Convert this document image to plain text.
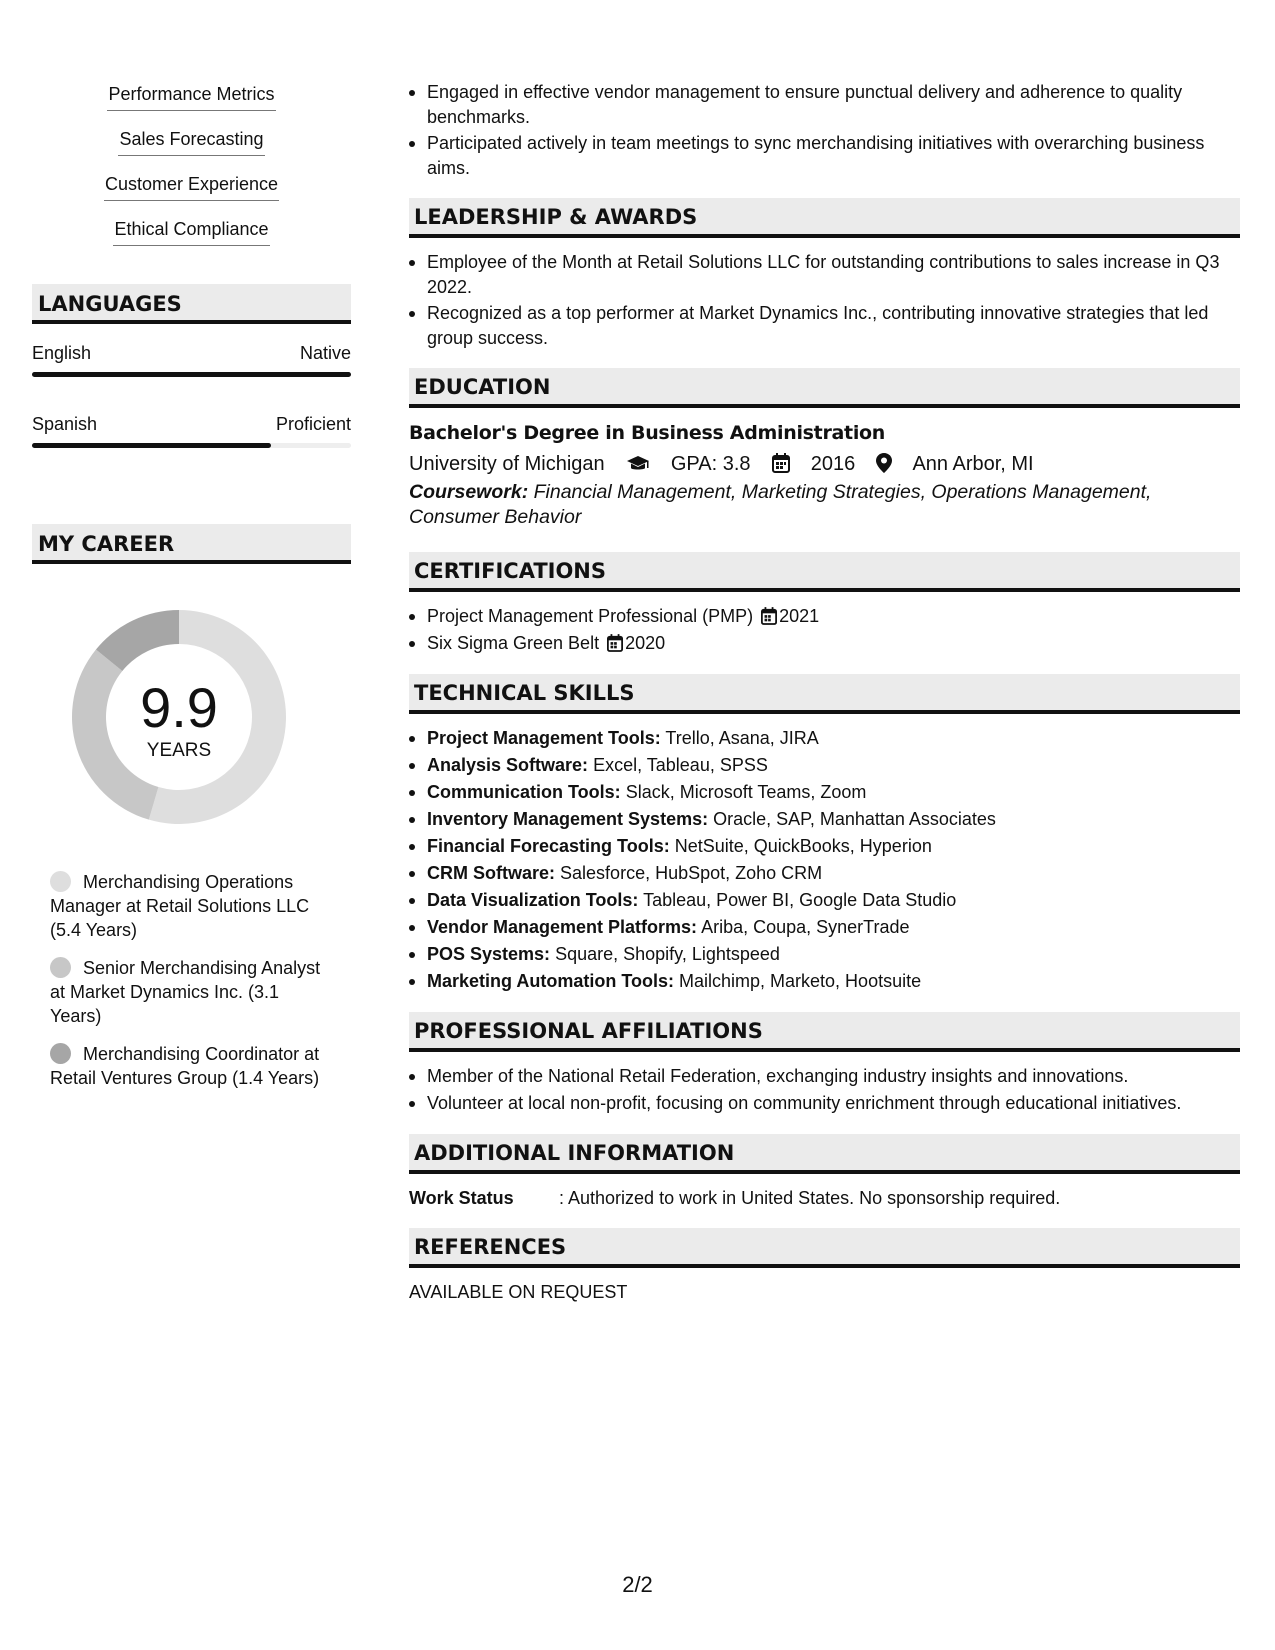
Performance Metrics
Sales Forecasting
Customer Experience
Ethical Compliance
LANGUAGES
English	Native
Spanish	Proficient
MY CAREER
9.9
YEARS
Merchandising Operations Manager at Retail Solutions LLC (5.4 Years)
Senior Merchandising Analyst at Market Dynamics Inc. (3.1 Years)
Merchandising Coordinator at Retail Ventures Group (1.4 Years)
Engaged in effective vendor management to ensure punctual delivery and adherence to quality benchmarks.
Participated actively in team meetings to sync merchandising initiatives with overarching business aims.
LEADERSHIP & AWARDS
Employee of the Month at Retail Solutions LLC for outstanding contributions to sales increase in Q3 2022.
Recognized as a top performer at Market Dynamics Inc., contributing innovative strategies that led group success.
EDUCATION
Bachelor's Degree in Business Administration
University of Michigan	GPA: 3.8	2016	Ann Arbor, MI
Coursework: Financial Management, Marketing Strategies, Operations Management, Consumer Behavior
CERTIFICATIONS
Project Management Professional (PMP) 2021
Six Sigma Green Belt 2020
TECHNICAL SKILLS
Project Management Tools: Trello, Asana, JIRA
Analysis Software: Excel, Tableau, SPSS
Communication Tools: Slack, Microsoft Teams, Zoom
Inventory Management Systems: Oracle, SAP, Manhattan Associates
Financial Forecasting Tools: NetSuite, QuickBooks, Hyperion
CRM Software: Salesforce, HubSpot, Zoho CRM
Data Visualization Tools: Tableau, Power BI, Google Data Studio
Vendor Management Platforms: Ariba, Coupa, SynerTrade
POS Systems: Square, Shopify, Lightspeed
Marketing Automation Tools: Mailchimp, Marketo, Hootsuite
PROFESSIONAL AFFILIATIONS
Member of the National Retail Federation, exchanging industry insights and innovations.
Volunteer at local non-profit, focusing on community enrichment through educational initiatives.
ADDITIONAL INFORMATION
Work Status	: Authorized to work in United States. No sponsorship required.
REFERENCES
AVAILABLE ON REQUEST
2/2
